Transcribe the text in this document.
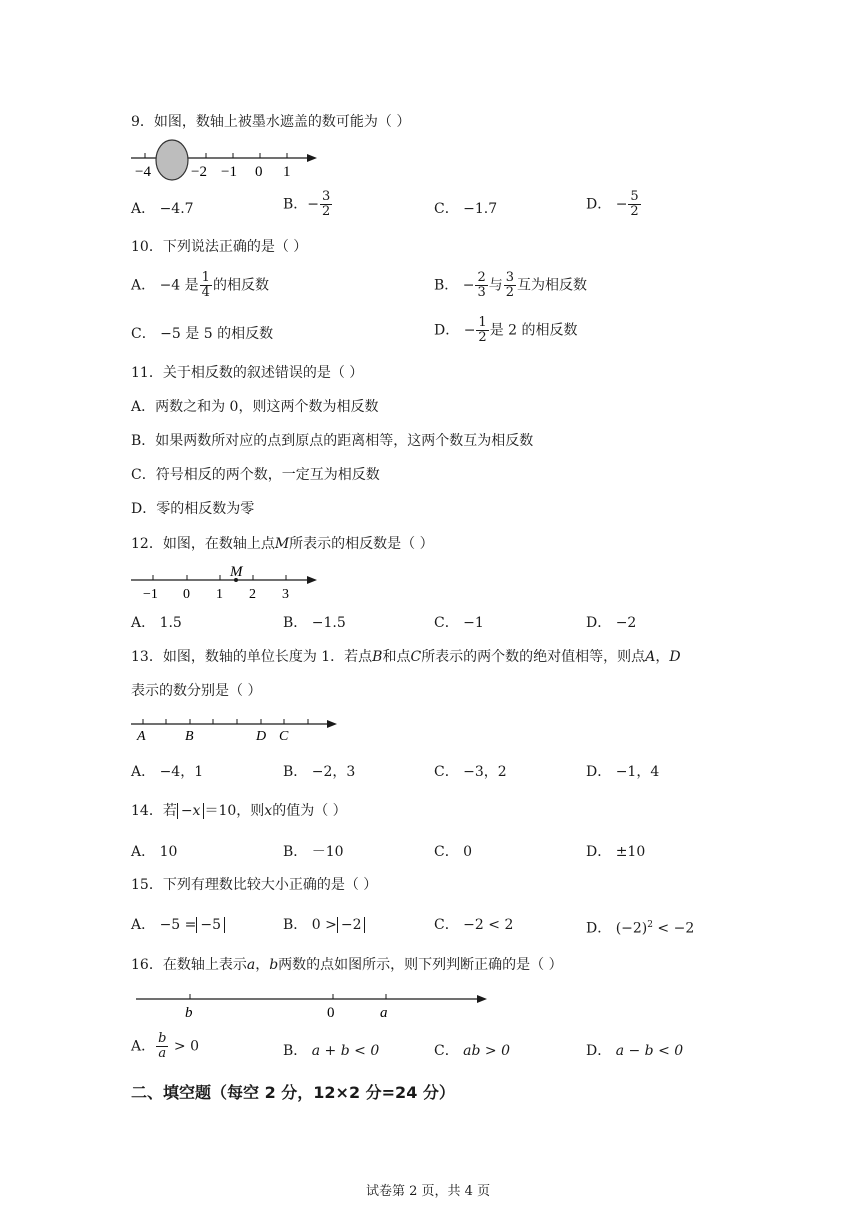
9．如图，数轴上被墨水遮盖的数可能为（ ）
−4	−2 −1 0 1
A． −4.7	B．− $\frac{3}{2}$	C． −1.7	D． − $\frac{5}{2}$
10．下列说法正确的是（ ）
A． −4 是 $\frac{1}{4}$ 的相反数	B． − $\frac{2}{3}$ 与 $\frac{3}{2}$ 互为相反数
C． −5 是 5 的相反数	D． − $\frac{1}{2}$ 是 2 的相反数
11．关于相反数的叙述错误的是（ ）
A．两数之和为 0，则这两个数为相反数
B．如果两数所对应的点到原点的距离相等，这两个数互为相反数
C．符号相反的两个数，一定互为相反数
D．零的相反数为零
12．如图，在数轴上点M所表示的相反数是（ ）
M
−1 0 1 2 3
A． 1.5	B． −1.5	C． −1	D． −2
13．如图，数轴的单位长度为 1．若点B和点C所表示的两个数的绝对值相等，则点A，D
表示的数分别是（ ）
A	B	D C
A． −4，1	B． −2，3	C． −3，2	D． −1，4
14．若 −x ＝10，则x的值为（ ）
A． 10	B． －10	C． 0	D． ±10
15．下列有理数比较大小正确的是（ ）
A． −5 = −5	B． 0 > −2	C． −2 < 2	D． $(-2)^2 < -2$
16．在数轴上表示a，b两数的点如图所示，则下列判断正确的是（ ）
b	0	a
A． $\frac{b}{a} > 0$	B． a + b < 0	C． ab > 0	D． a − b < 0
二、填空题（每空 2 分，12×2 分=24 分）
试卷第 2 页，共 4 页
